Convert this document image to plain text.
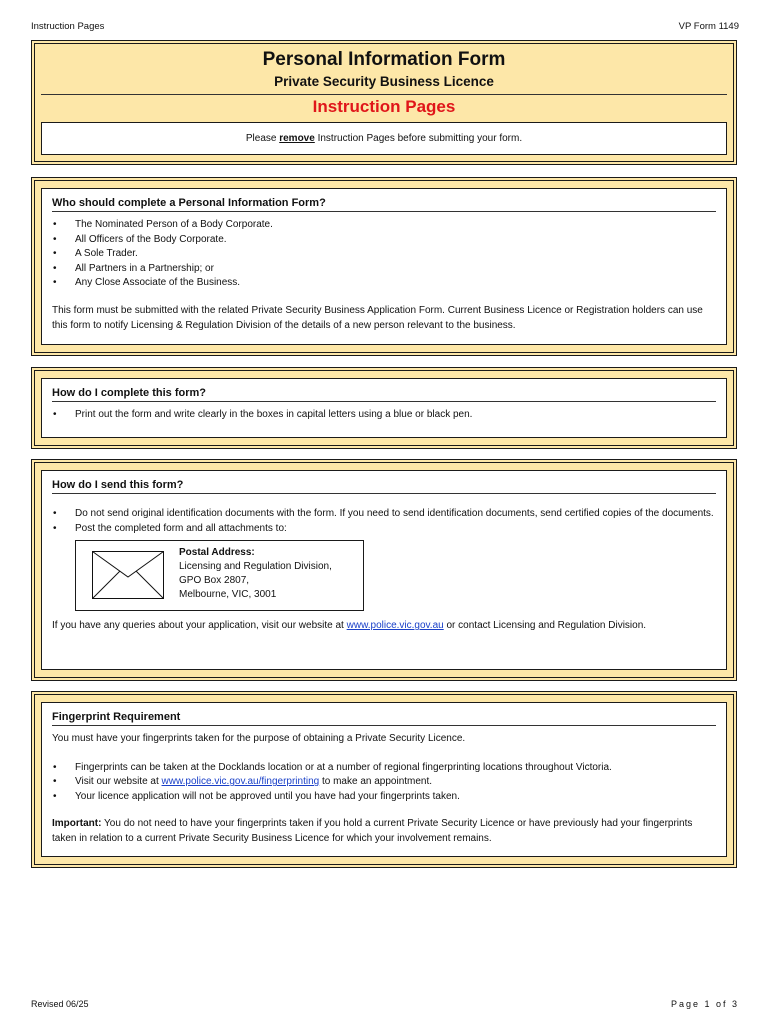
Instruction Pages	VP Form 1149
Personal Information Form
Private Security Business Licence
Instruction Pages
Please remove Instruction Pages before submitting your form.
Who should complete a Personal Information Form?
• The Nominated Person of a Body Corporate.
• All Officers of the Body Corporate.
• A Sole Trader.
• All Partners in a Partnership; or
• Any Close Associate of the Business.

This form must be submitted with the related Private Security Business Application Form. Current Business Licence or Registration holders can use this form to notify Licensing & Regulation Division of the details of a new person relevant to the business.

How do I complete this form?
• Print out the form and write clearly in the boxes in capital letters using a blue or black pen.
How do I send this form?
• Do not send original identification documents with the form. If you need to send identification documents, send certified copies of the documents.
• Post the completed form and all attachments to:
Postal Address:
Licensing and Regulation Division,
GPO Box 2807,
Melbourne, VIC, 3001

If you have any queries about your application, visit our website at www.police.vic.gov.au or contact Licensing and Regulation Division.

Fingerprint Requirement

You must have your fingerprints taken for the purpose of obtaining a Private Security Licence.

• Fingerprints can be taken at the Docklands location or at a number of regional fingerprinting locations throughout Victoria.
• Visit our website at www.police.vic.gov.au/fingerprinting to make an appointment.
• Your licence application will not be approved until you have had your fingerprints taken.

Important: You do not need to have your fingerprints taken if you hold a current Private Security Licence or have previously had your fingerprints taken in relation to a current Private Security Business Licence for which your involvement remains.

Revised 06/25	Page 1 of 3
